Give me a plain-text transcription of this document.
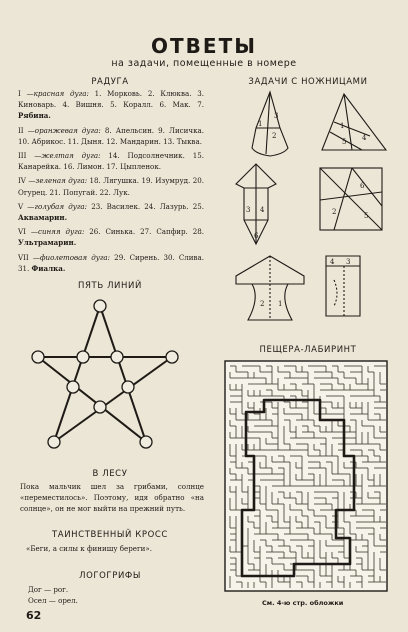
ОТВЕТЫ
на задачи, помещенные в номере
РАДУГА

I —красная дуга: 1. Морковь. 2. Клюква. 3. Киноварь. 4. Вишня. 5. Коралл. 6. Мак. 7. Рябина.

II —оранжевая дуга: 8. Апельсин. 9. Лисичка. 10. Абрикос. 11. Дыня. 12. Мандарин. 13. Тыква.

III —желтая дуга: 14. Подсолнечник. 15. Канарейка. 16. Лимон. 17. Цыпленок.

IV —зеленая дуга: 18. Лягушка. 19. Изумруд. 20. Огурец. 21. Попугай. 22. Лук.

V —голубая дуга: 23. Василек. 24. Лазурь. 25. Аквамарин.

VI —синяя дуга: 26. Синька. 27. Сапфир. 28. Ультрамарин.

VII —фиолетовая дуга: 29. Сирень. 30. Слива. 31. Фиалка.

ПЯТЬ ЛИНИЙ
В ЛЕСУ
Пока мальчик шел за грибами, солнце «переместилось». Поэтому, идя обратно «на солнце», он не мог выйти на прежний путь.
ТАИНСТВЕННЫЙ КРОСС
«Беги, а силы к финишу береги».
ЛОГОГРИФЫ

Дог — рог.

Осел — орел.

ЗАДАЧИ С НОЖНИЦАМИ
1
2
3
1
4
5
3 4
6
2
6
5
2 1
4 3
ПЕЩЕРА-ЛАБИРИНТ
См. 4-ю стр. обложки
62
